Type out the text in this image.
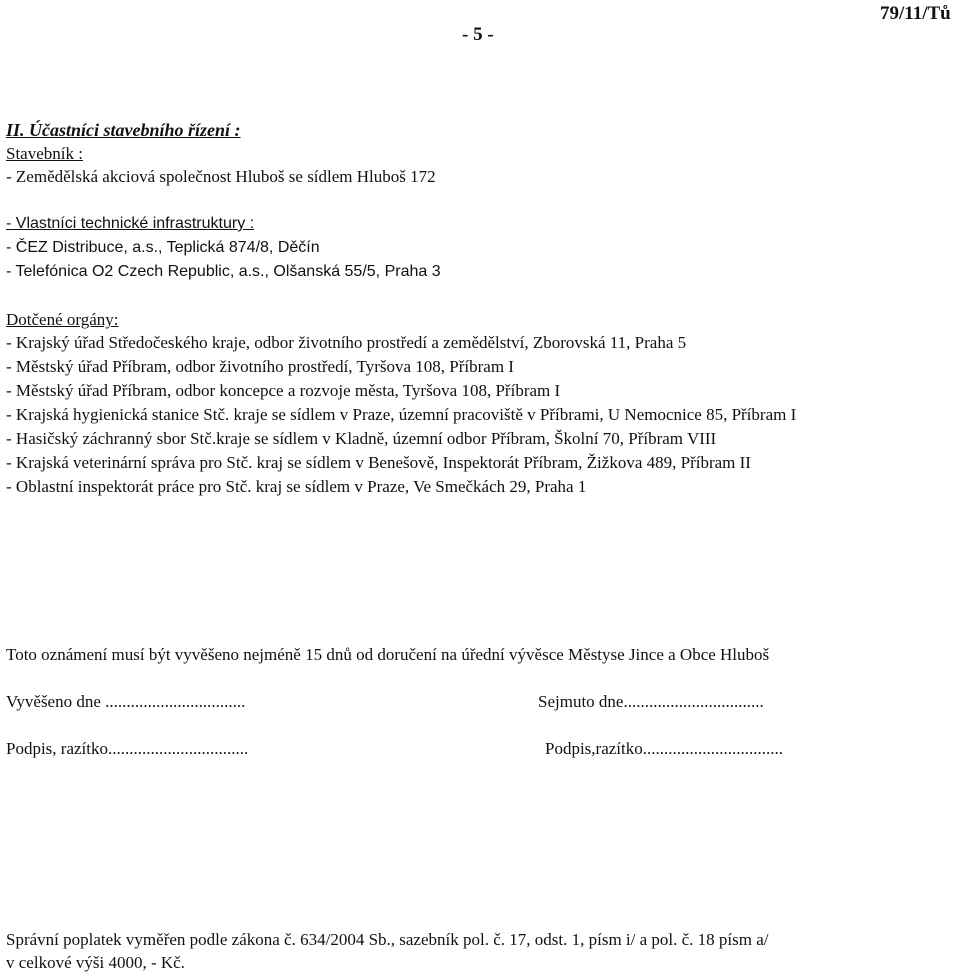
- 5 -
79/11/Tů
II. Účastníci stavebního řízení :
Stavebník :
- Zemědělská akciová společnost Hluboš se sídlem Hluboš 172
- Vlastníci technické infrastruktury :
- ČEZ Distribuce, a.s., Teplická 874/8, Děčín
- Telefónica O2 Czech Republic, a.s., Olšanská 55/5, Praha 3
Dotčené orgány:
- Krajský úřad Středočeského kraje, odbor životního prostředí a zemědělství, Zborovská 11, Praha 5
- Městský úřad Příbram, odbor životního prostředí, Tyršova 108, Příbram I
- Městský úřad Příbram, odbor koncepce a rozvoje města, Tyršova 108, Příbram I
- Krajská hygienická stanice Stč. kraje se sídlem v Praze, územní pracoviště v Příbrami, U Nemocnice 85, Příbram I
- Hasičský záchranný sbor Stč.kraje se sídlem v Kladně, územní odbor Příbram, Školní 70, Příbram VIII
- Krajská veterinární správa pro Stč. kraj se sídlem v Benešově, Inspektorát Příbram, Žižkova 489, Příbram II
- Oblastní inspektorát práce pro Stč. kraj se sídlem v Praze, Ve Smečkách 29, Praha 1
Toto oznámení musí být vyvěšeno nejméně 15 dnů od doručení na úřední vývěsce Městyse Jince a Obce Hluboš
Vyvěšeno dne .................................	Sejmuto dne.................................
Podpis, razítko.................................	Podpis,razítko.................................
Správní poplatek vyměřen podle zákona č. 634/2004 Sb., sazebník pol. č. 17, odst. 1, písm i/ a pol. č. 18 písm a/
v celkové výši 4000, - Kč.
